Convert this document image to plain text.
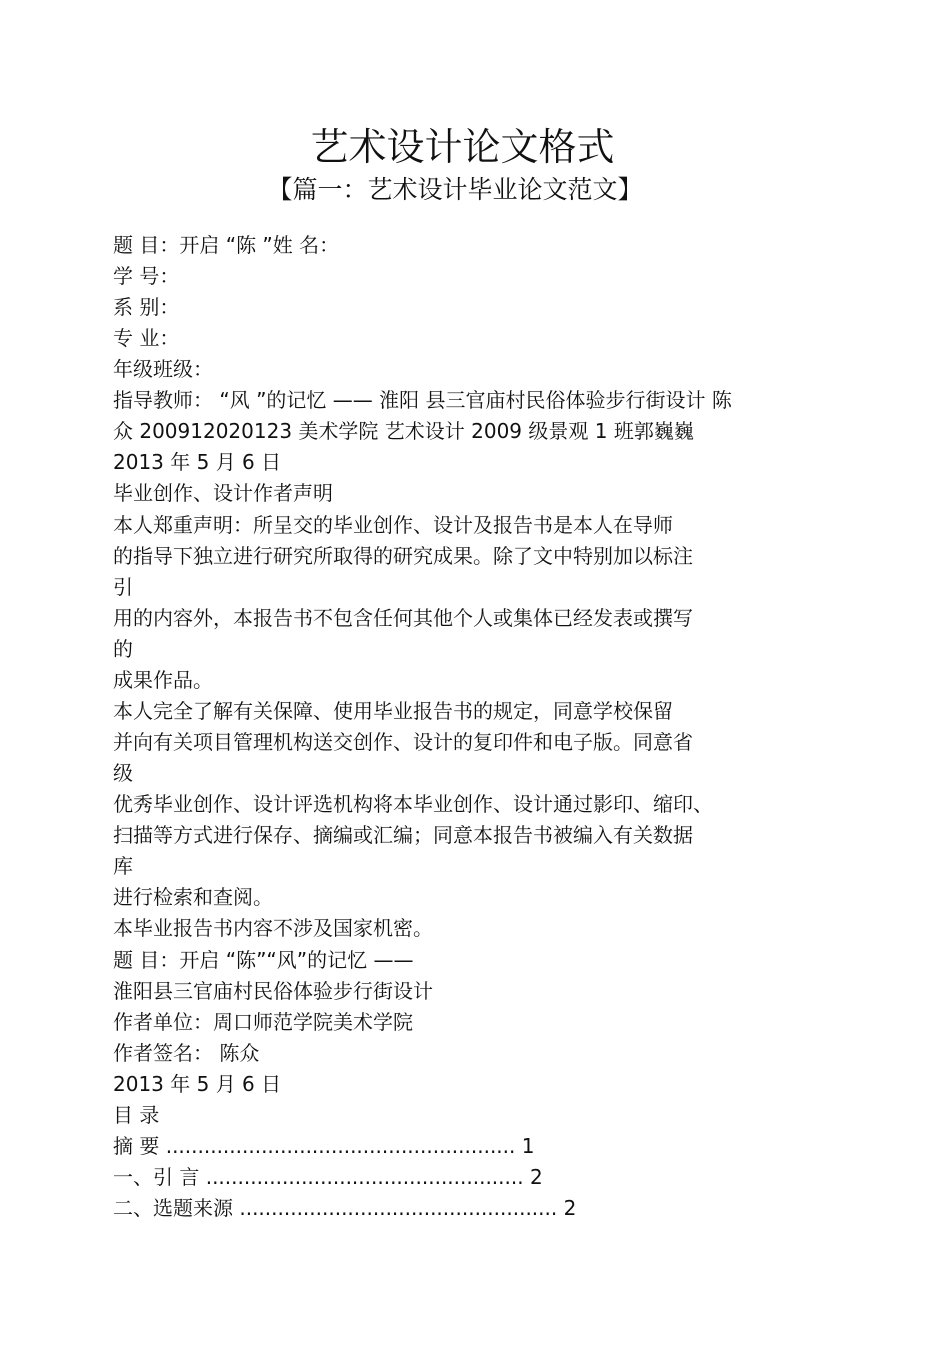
艺术设计论文格式
【篇一：艺术设计毕业论文范文】
题 目：开启 “陈 ”姓 名：
学 号：
系 别：
专 业：
年级班级：
指导教师： “风 ”的记忆 —— 淮阳 县三官庙村民俗体验步行街设计 陈
众 200912020123 美术学院 艺术设计 2009 级景观 1 班郭巍巍
2013 年 5 月 6 日
毕业创作、设计作者声明
本人郑重声明：所呈交的毕业创作、设计及报告书是本人在导师
的指导下独立进行研究所取得的研究成果。除了文中特别加以标注
引
用的内容外，本报告书不包含任何其他个人或集体已经发表或撰写
的
成果作品。
本人完全了解有关保障、使用毕业报告书的规定，同意学校保留
并向有关项目管理机构送交创作、设计的复印件和电子版。同意省
级
优秀毕业创作、设计评选机构将本毕业创作、设计通过影印、缩印、
扫描等方式进行保存、摘编或汇编；同意本报告书被编入有关数据
库
进行检索和查阅。
本毕业报告书内容不涉及国家机密。
题 目：开启 “陈”“风”的记忆 ——
淮阳县三官庙村民俗体验步行街设计
作者单位：周口师范学院美术学院
作者签名： 陈众
2013 年 5 月 6 日
目 录
摘 要 ....................................................... 1
一、引 言 .................................................. 2
二、选题来源 .................................................. 2
